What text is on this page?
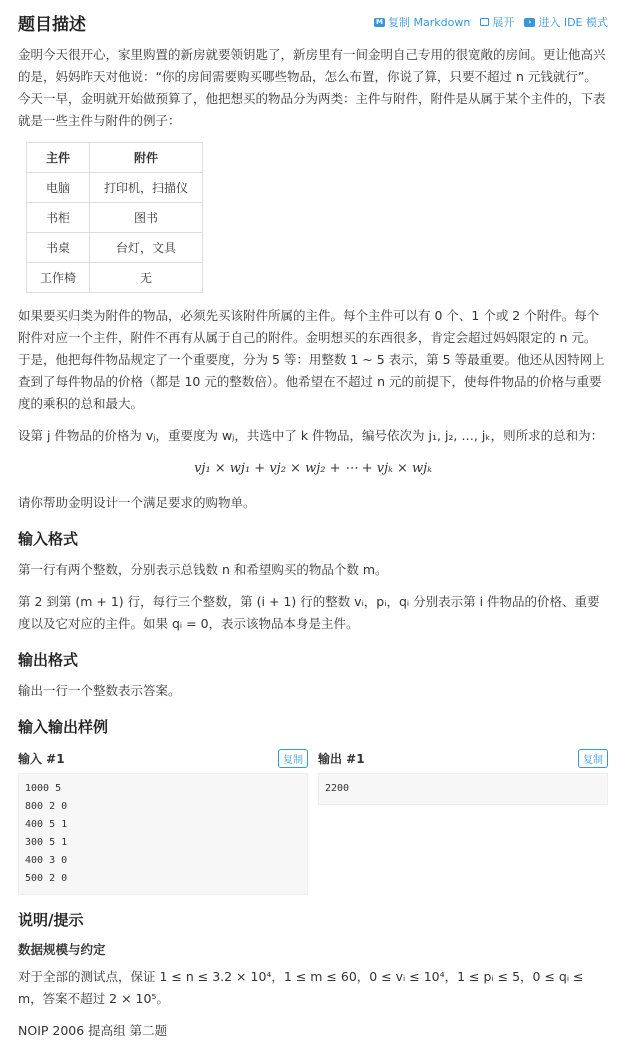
题目描述	M 复制 Markdown 展开	› 进入 IDE 模式

金明今天很开心，家里购置的新房就要领钥匙了，新房里有一间金明自己专用的很宽敞的房间。更让他高兴的是，妈妈昨天对他说：“你的房间需要购买哪些物品，怎么布置，你说了算，只要不超过 n 元钱就行”。今天一早，金明就开始做预算了，他把想买的物品分为两类：主件与附件，附件是从属于某个主件的，下表就是一些主件与附件的例子：

主件	附件
电脑	打印机，扫描仪
书柜	图书
书桌	台灯，文具
工作椅	无

如果要买归类为附件的物品，必须先买该附件所属的主件。每个主件可以有 0 个、1 个或 2 个附件。每个附件对应一个主件，附件不再有从属于自己的附件。金明想买的东西很多，肯定会超过妈妈限定的 n 元。于是，他把每件物品规定了一个重要度，分为 5 等：用整数 1 ~ 5 表示，第 5 等最重要。他还从因特网上查到了每件物品的价格（都是 10 元的整数倍）。他希望在不超过 n 元的前提下，使每件物品的价格与重要度的乘积的总和最大。

设第 j 件物品的价格为 vⱼ，重要度为 wⱼ，共选中了 k 件物品，编号依次为 j₁, j₂, …, jₖ，则所求的总和为：

vj₁ × wj₁ + vj₂ × wj₂ + ⋯ + vjₖ × wjₖ

请你帮助金明设计一个满足要求的购物单。

输入格式

第一行有两个整数，分别表示总钱数 n 和希望购买的物品个数 m。

第 2 到第 (m + 1) 行，每行三个整数，第 (i + 1) 行的整数 vᵢ，pᵢ，qᵢ 分别表示第 i 件物品的价格、重要度以及它对应的主件。如果 qᵢ = 0，表示该物品本身是主件。

输出格式

输出一行一个整数表示答案。

输入输出样例
输入 #1	复制
1000 5
800 2 0
400 5 1
300 5 1
400 3 0
500 2 0
输出 #1	复制
2200
说明/提示
数据规模与约定

对于全部的测试点，保证 1 ≤ n ≤ 3.2 × 10⁴，1 ≤ m ≤ 60，0 ≤ vᵢ ≤ 10⁴，1 ≤ pᵢ ≤ 5，0 ≤ qᵢ ≤ m，答案不超过 2 × 10⁵。

NOIP 2006 提高组 第二题
